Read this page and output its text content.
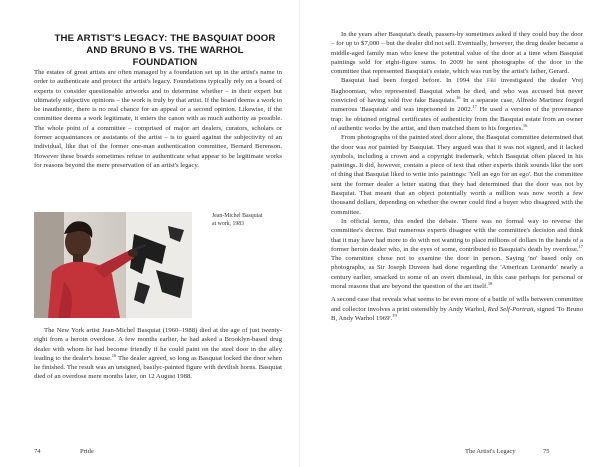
THE ARTIST'S LEGACY: THE BASQUIAT DOOR
AND BRUNO B VS. THE WARHOL FOUNDATION

The estates of great artists are often managed by a foundation set up in the artist's name in order to authenticate and protect the artist's legacy. Foundations typically rely on a board of experts to consider questionable artworks and to determine whether – in their expert but ultimately subjective opinions – the work is truly by that artist. If the board deems a work to be inauthentic, there is no real chance for an appeal or a second opinion. Likewise, if the committee deems a work legitimate, it enters the canon with as much authority as possible. The whole point of a committee – comprised of major art dealers, curators, scholars or former acquaintances or assistants of the artist – is to guard against the subjectivity of an individual, like that of the former one-man authentication committee, Bernard Berenson. However these boards sometimes refuse to authenticate what appear to be legitimate works for reasons beyond the mere preservation of an artist's legacy.

Jean-Michel Basquiat
at work, 1983

The New York artist Jean-Michel Basquiat (1960–1988) died at the age of just twenty-eight from a heroin overdose. A few months earlier, he had asked a Brooklyn-based drug dealer with whom he had become friendly if he could paint on the steel door in the alley leading to the dealer's house.$^{16}$ The dealer agreed, so long as Basquiat locked the door when he finished. The result was an unsigned, basilyc-painted figure with devilish horns. Basquiat died of an overdose mere months later, on 12 August 1988.

74	Pride

In the years after Basquiat's death, passers-by sometimes asked if they could buy the door – for up to $7,000 – but the dealer did not sell. Eventually, however, the drug dealer became a middle-aged family man who knew the potential value of the door at a time when Basquiat paintings sold for eight-figure sums. In 2009 he sent photographs of the door to the committee that represented Basquiat's estate, which was run by the artist's father, Gerard.

Basquiat had been forged before. In 1994 the FBI investigated the dealer Vrej Baghoomian, who represented Basquiat when he died, and who was accused but never convicted of having sold five fake Basquiats.$^{16}$ In a separate case, Alfredo Martinez forged numerous 'Basquiats' and was imprisoned in 2002.17 He used a version of the provenance trap: he obtained original certificates of authenticity from the Basquiat estate from an owner of authentic works by the artist, and then matched them to his forgeries.$^{16}$

From photographs of the painted steel door alone, the Basquiat committee determined that the door was not painted by Basquiat. They argued was that it was not signed, and it lacked symbols, including a crown and a copyright trademark, which Basquiat often placed in his paintings. It did, however, contain a piece of text that other experts think sounds like the sort of thing that Basquiat liked to write into paintings: 'Yell an ego for an ego'. But the committee sent the former dealer a letter stating that they had determined that the door was not by Basquiat. That meant that an object potentially worth a million was now worth a few thousand dollars, depending on whether the owner could find a buyer who disagreed with the committee.

In official terms, this ended the debate. There was no formal way to reverse the committee's decree. But numerous experts disagree with the committee's decision and think that it may have had more to do with not wanting to place millions of dollars in the hands of a former heroin dealer who, in the eyes of some, contributed to Basquiat's death by overdose.$^{17}$ The committee chose not to examine the door in person. Saying 'no' based only on photographs, as Sir Joseph Duveen had done regarding the 'American Leonardo' nearly a century earlier, smacked to some of an overt dismissal, in this case perhaps for personal or moral reasons that are beyond the question of the art itself.$^{18}$

A second case that reveals what seems to be even more of a battle of wills between committee and collector involves a print ostensibly by Andy Warhol, Red Self-Portrait, signed 'To Bruno B, Andy Warhol 1969'.$^{19}$

The Artist's Legacy	75
